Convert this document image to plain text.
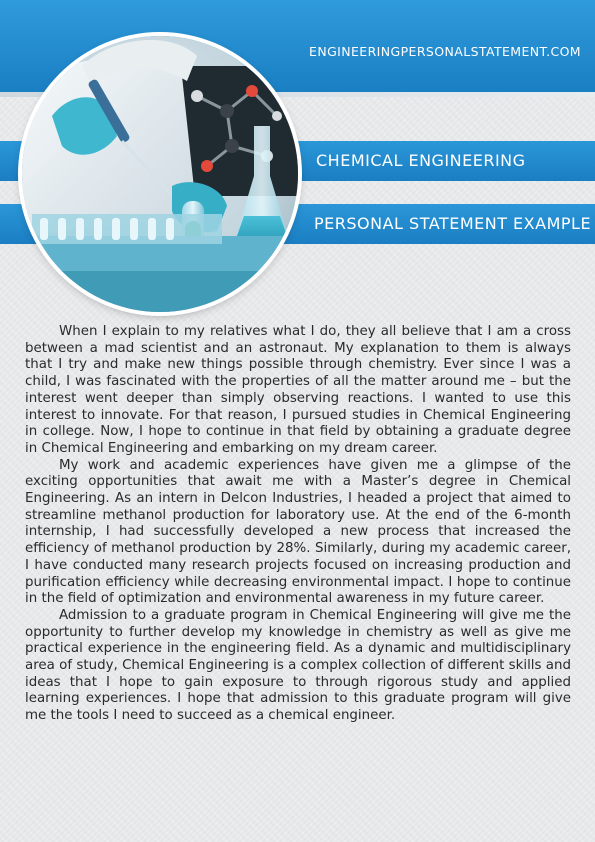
ENGINEERINGPERSONALSTATEMENT.COM
CHEMICAL ENGINEERING
PERSONAL STATEMENT EXAMPLE

When I explain to my relatives what I do, they all believe that I am a cross between a mad scientist and an astronaut. My explanation to them is always that I try and make new things possible through chemistry. Ever since I was a child, I was fascinated with the properties of all the matter around me – but the interest went deeper than simply observing reactions. I wanted to use this interest to innovate. For that reason, I pursued studies in Chemical Engineering in college. Now, I hope to continue in that field by obtaining a graduate degree in Chemical Engineering and embarking on my dream career.

My work and academic experiences have given me a glimpse of the exciting opportunities that await me with a Master’s degree in Chemical Engineering. As an intern in Delcon Industries, I headed a project that aimed to streamline methanol production for laboratory use. At the end of the 6-month internship, I had successfully developed a new process that increased the efficiency of methanol production by 28%. Similarly, during my academic career, I have conducted many research projects focused on increasing production and purification efficiency while decreasing environmental impact. I hope to continue in the field of optimization and environmental awareness in my future career.

Admission to a graduate program in Chemical Engineering will give me the opportunity to further develop my knowledge in chemistry as well as give me practical experience in the engineering field. As a dynamic and multidisciplinary area of study, Chemical Engineering is a complex collection of different skills and ideas that I hope to gain exposure to through rigorous study and applied learning experiences. I hope that admission to this graduate program will give me the tools I need to succeed as a chemical engineer.
